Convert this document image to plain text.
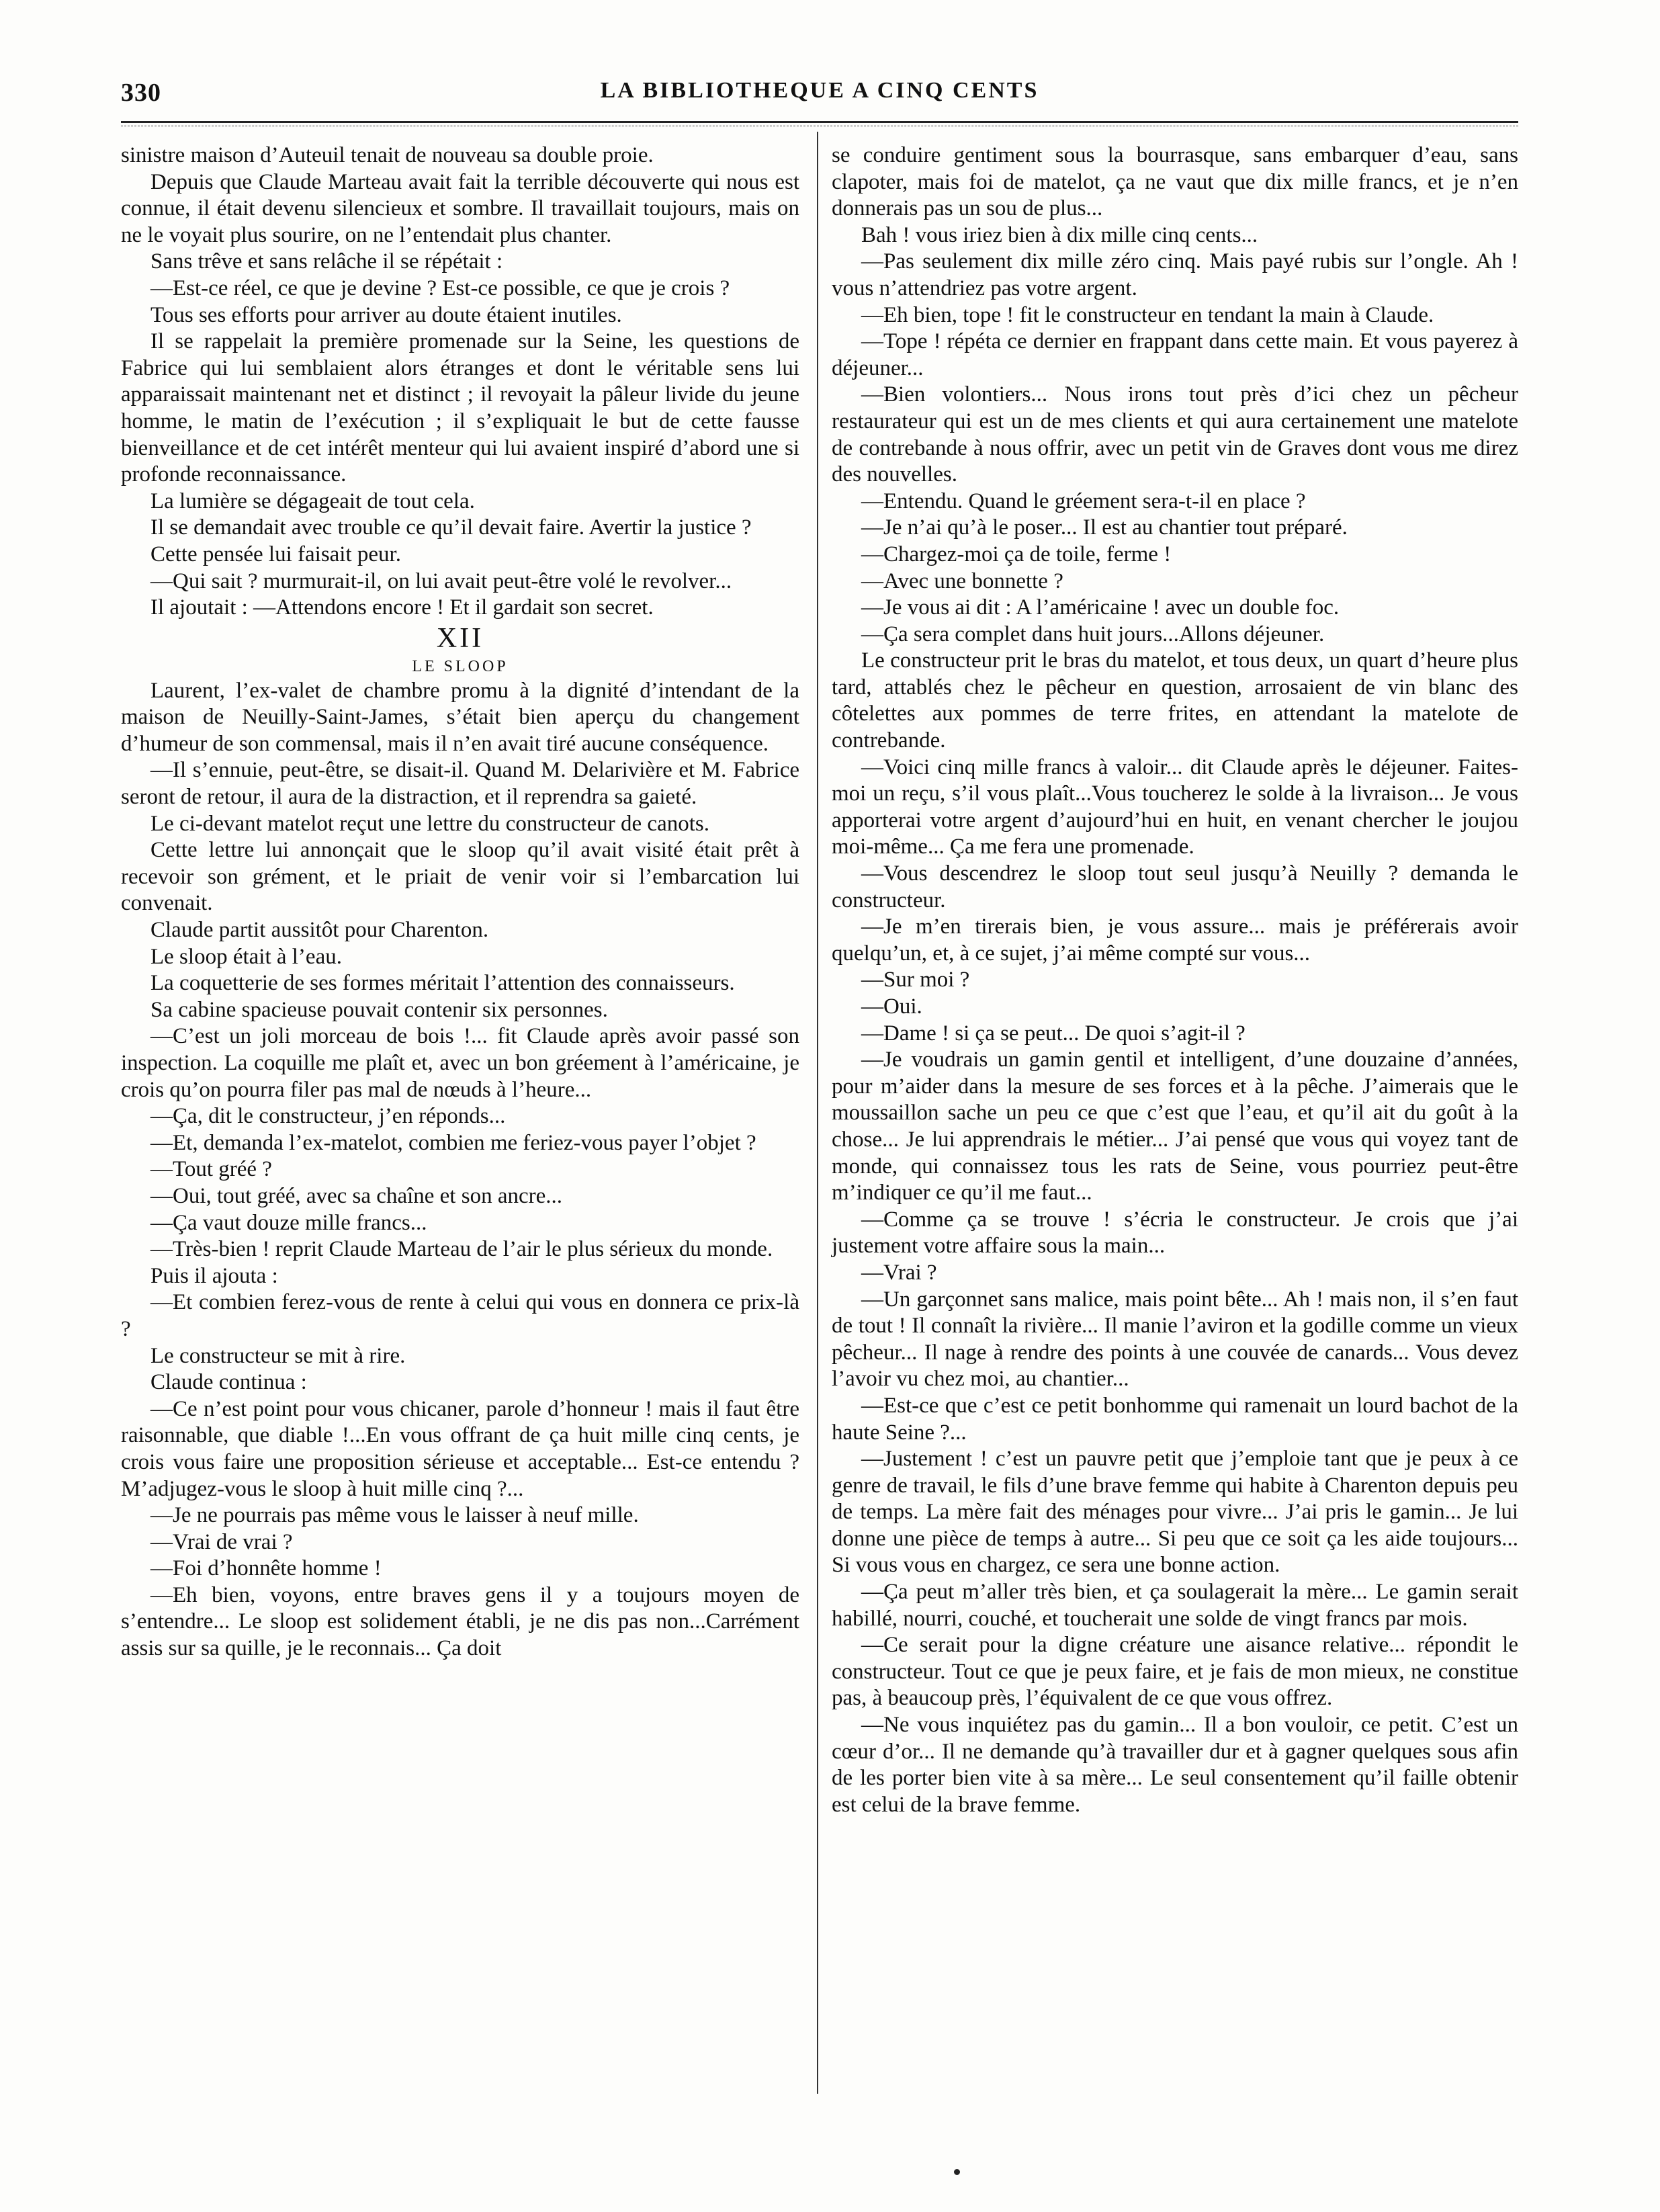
330	LA BIBLIOTHEQUE A CINQ CENTS

sinistre maison d’Auteuil tenait de nouveau sa double proie.

Depuis que Claude Marteau avait fait la terrible découverte qui nous est connue, il était devenu silencieux et sombre. Il travaillait toujours, mais on ne le voyait plus sourire, on ne l’entendait plus chanter.

Sans trêve et sans relâche il se répétait :

—Est-ce réel, ce que je devine ? Est-ce possible, ce que je crois ?

Tous ses efforts pour arriver au doute étaient inutiles.

Il se rappelait la première promenade sur la Seine, les questions de Fabrice qui lui semblaient alors étranges et dont le véritable sens lui apparaissait maintenant net et distinct ; il revoyait la pâleur livide du jeune homme, le matin de l’exécution ; il s’expliquait le but de cette fausse bienveillance et de cet intérêt menteur qui lui avaient inspiré d’abord une si profonde reconnaissance.

La lumière se dégageait de tout cela.

Il se demandait avec trouble ce qu’il devait faire. Avertir la justice ?

Cette pensée lui faisait peur.

—Qui sait ? murmurait-il, on lui avait peut-être volé le revolver...

Il ajoutait : —Attendons encore ! Et il gardait son secret.

XII

LE SLOOP

Laurent, l’ex-valet de chambre promu à la dignité d’intendant de la maison de Neuilly-Saint-James, s’était bien aperçu du changement d’humeur de son commensal, mais il n’en avait tiré aucune conséquence.

—Il s’ennuie, peut-être, se disait-il. Quand M. Delarivière et M. Fabrice seront de retour, il aura de la distraction, et il reprendra sa gaieté.

Le ci-devant matelot reçut une lettre du constructeur de canots.

Cette lettre lui annonçait que le sloop qu’il avait visité était prêt à recevoir son grément, et le priait de venir voir si l’embarcation lui convenait.

Claude partit aussitôt pour Charenton.

Le sloop était à l’eau.

La coquetterie de ses formes méritait l’attention des connaisseurs.

Sa cabine spacieuse pouvait contenir six personnes.

—C’est un joli morceau de bois !... fit Claude après avoir passé son inspection. La coquille me plaît et, avec un bon gréement à l’américaine, je crois qu’on pourra filer pas mal de nœuds à l’heure...

—Ça, dit le constructeur, j’en réponds...

—Et, demanda l’ex-matelot, combien me feriez-vous payer l’objet ?

—Tout gréé ?

—Oui, tout gréé, avec sa chaîne et son ancre...

—Ça vaut douze mille francs...

—Très-bien ! reprit Claude Marteau de l’air le plus sérieux du monde.

Puis il ajouta :

—Et combien ferez-vous de rente à celui qui vous en donnera ce prix-là ?

Le constructeur se mit à rire.

Claude continua :

—Ce n’est point pour vous chicaner, parole d’honneur ! mais il faut être raisonnable, que diable !...En vous offrant de ça huit mille cinq cents, je crois vous faire une proposition sérieuse et acceptable... Est-ce entendu ? M’adjugez-vous le sloop à huit mille cinq ?...

—Je ne pourrais pas même vous le laisser à neuf mille.

—Vrai de vrai ?

—Foi d’honnête homme !

—Eh bien, voyons, entre braves gens il y a toujours moyen de s’entendre... Le sloop est solidement établi, je ne dis pas non...Carrément assis sur sa quille, je le reconnais... Ça doit

se conduire gentiment sous la bourrasque, sans embarquer d’eau, sans clapoter, mais foi de matelot, ça ne vaut que dix mille francs, et je n’en donnerais pas un sou de plus...

Bah ! vous iriez bien à dix mille cinq cents...

—Pas seulement dix mille zéro cinq. Mais payé rubis sur l’ongle. Ah ! vous n’attendriez pas votre argent.

—Eh bien, tope ! fit le constructeur en tendant la main à Claude.

—Tope ! répéta ce dernier en frappant dans cette main. Et vous payerez à déjeuner...

—Bien volontiers... Nous irons tout près d’ici chez un pêcheur restaurateur qui est un de mes clients et qui aura certainement une matelote de contrebande à nous offrir, avec un petit vin de Graves dont vous me direz des nouvelles.

—Entendu. Quand le gréement sera-t-il en place ?

—Je n’ai qu’à le poser... Il est au chantier tout préparé.

—Chargez-moi ça de toile, ferme !

—Avec une bonnette ?

—Je vous ai dit : A l’américaine ! avec un double foc.

—Ça sera complet dans huit jours...Allons déjeuner.

Le constructeur prit le bras du matelot, et tous deux, un quart d’heure plus tard, attablés chez le pêcheur en question, arrosaient de vin blanc des côtelettes aux pommes de terre frites, en attendant la matelote de contrebande.

—Voici cinq mille francs à valoir... dit Claude après le déjeuner. Faites-moi un reçu, s’il vous plaît...Vous toucherez le solde à la livraison... Je vous apporterai votre argent d’aujourd’hui en huit, en venant chercher le joujou moi-même... Ça me fera une promenade.

—Vous descendrez le sloop tout seul jusqu’à Neuilly ? demanda le constructeur.

—Je m’en tirerais bien, je vous assure... mais je préférerais avoir quelqu’un, et, à ce sujet, j’ai même compté sur vous...

—Sur moi ?

—Oui.

—Dame ! si ça se peut... De quoi s’agit-il ?

—Je voudrais un gamin gentil et intelligent, d’une douzaine d’années, pour m’aider dans la mesure de ses forces et à la pêche. J’aimerais que le moussaillon sache un peu ce que c’est que l’eau, et qu’il ait du goût à la chose... Je lui apprendrais le métier... J’ai pensé que vous qui voyez tant de monde, qui connaissez tous les rats de Seine, vous pourriez peut-être m’indiquer ce qu’il me faut...

—Comme ça se trouve ! s’écria le constructeur. Je crois que j’ai justement votre affaire sous la main...

—Vrai ?

—Un garçonnet sans malice, mais point bête... Ah ! mais non, il s’en faut de tout ! Il connaît la rivière... Il manie l’aviron et la godille comme un vieux pêcheur... Il nage à rendre des points à une couvée de canards... Vous devez l’avoir vu chez moi, au chantier...

—Est-ce que c’est ce petit bonhomme qui ramenait un lourd bachot de la haute Seine ?...

—Justement ! c’est un pauvre petit que j’emploie tant que je peux à ce genre de travail, le fils d’une brave femme qui habite à Charenton depuis peu de temps. La mère fait des ménages pour vivre... J’ai pris le gamin... Je lui donne une pièce de temps à autre... Si peu que ce soit ça les aide toujours... Si vous vous en chargez, ce sera une bonne action.

—Ça peut m’aller très bien, et ça soulagerait la mère... Le gamin serait habillé, nourri, couché, et toucherait une solde de vingt francs par mois.

—Ce serait pour la digne créature une aisance relative... répondit le constructeur. Tout ce que je peux faire, et je fais de mon mieux, ne constitue pas, à beaucoup près, l’équivalent de ce que vous offrez.

—Ne vous inquiétez pas du gamin... Il a bon vouloir, ce petit. C’est un cœur d’or... Il ne demande qu’à travailler dur et à gagner quelques sous afin de les porter bien vite à sa mère... Le seul consentement qu’il faille obtenir est celui de la brave femme.
